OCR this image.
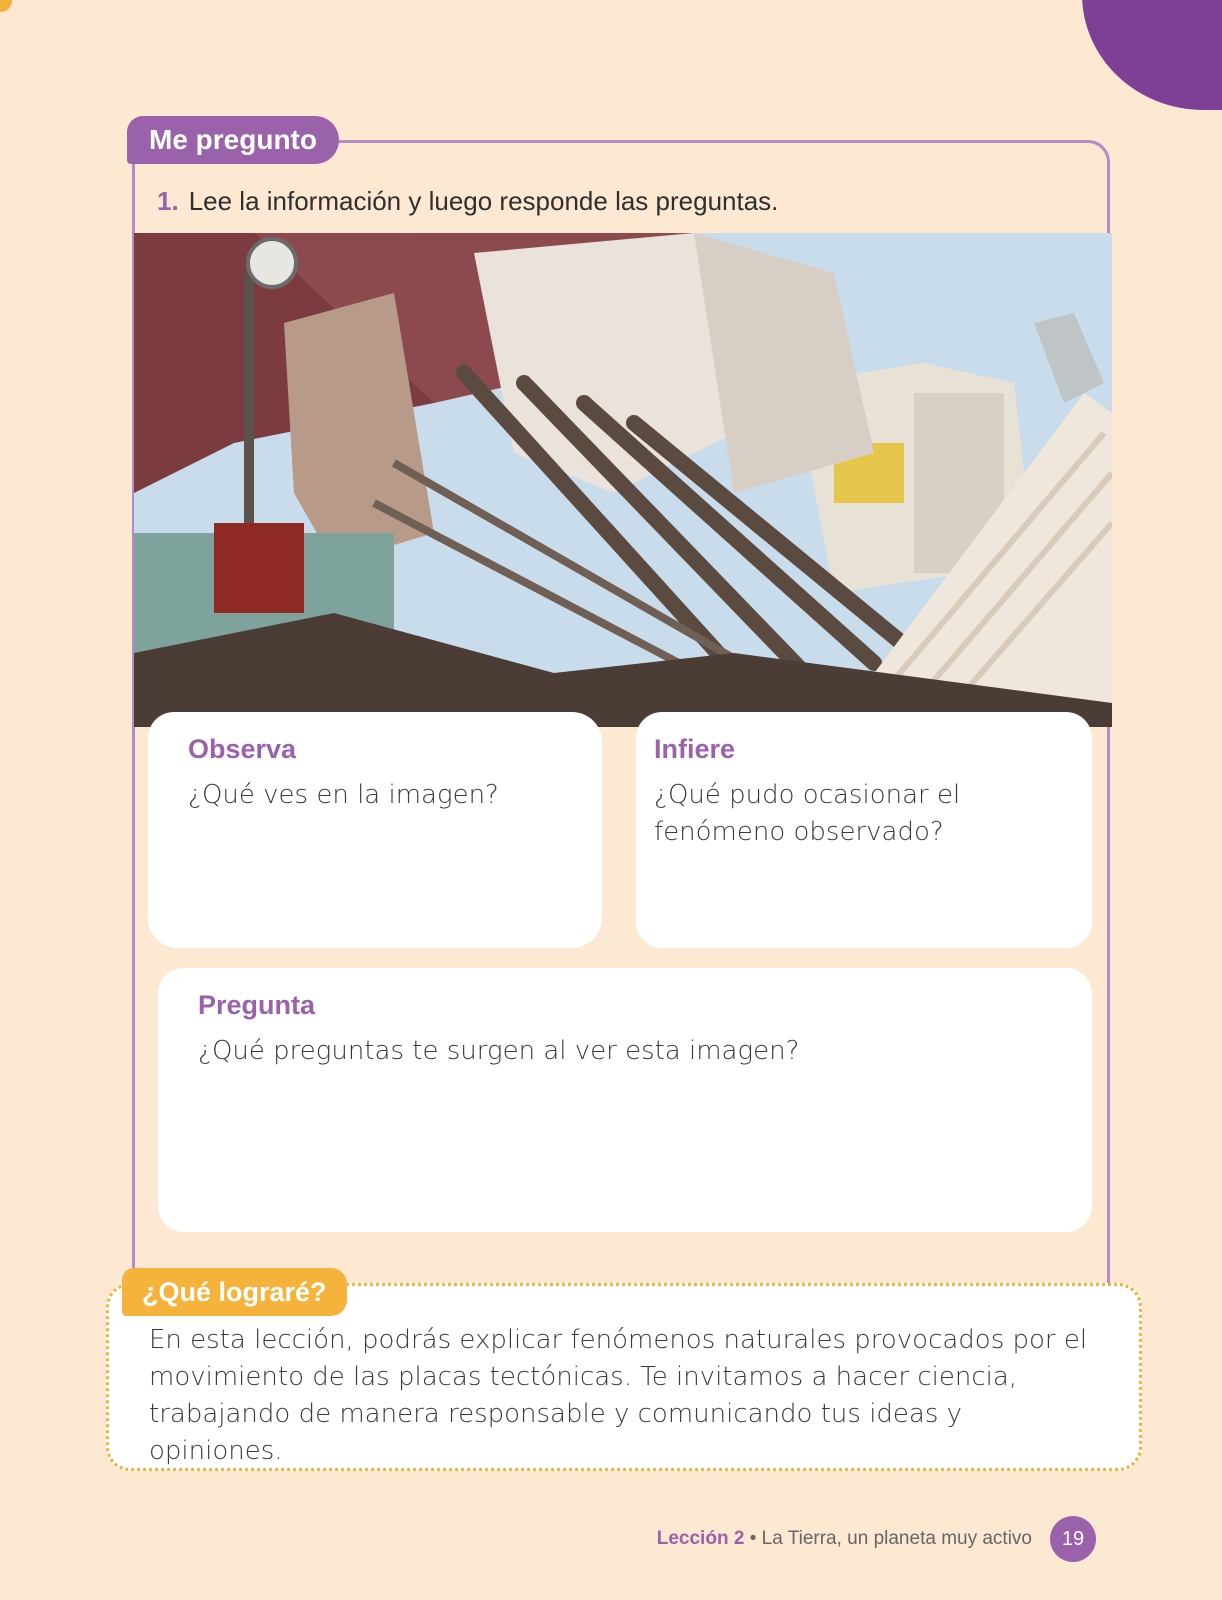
Me pregunto
1. Lee la información y luego responde las preguntas.
Observa
¿Qué ves en la imagen?
Infiere
¿Qué pudo ocasionar el fenómeno observado?
Pregunta
¿Qué preguntas te surgen al ver esta imagen?
En esta lección, podrás explicar fenómenos naturales provocados por el movimiento de las placas tectónicas. Te invitamos a hacer ciencia, trabajando de manera responsable y comunicando tus ideas y opiniones.
¿Qué lograré?
Lección 2 • La Tierra, un planeta muy activo	19
